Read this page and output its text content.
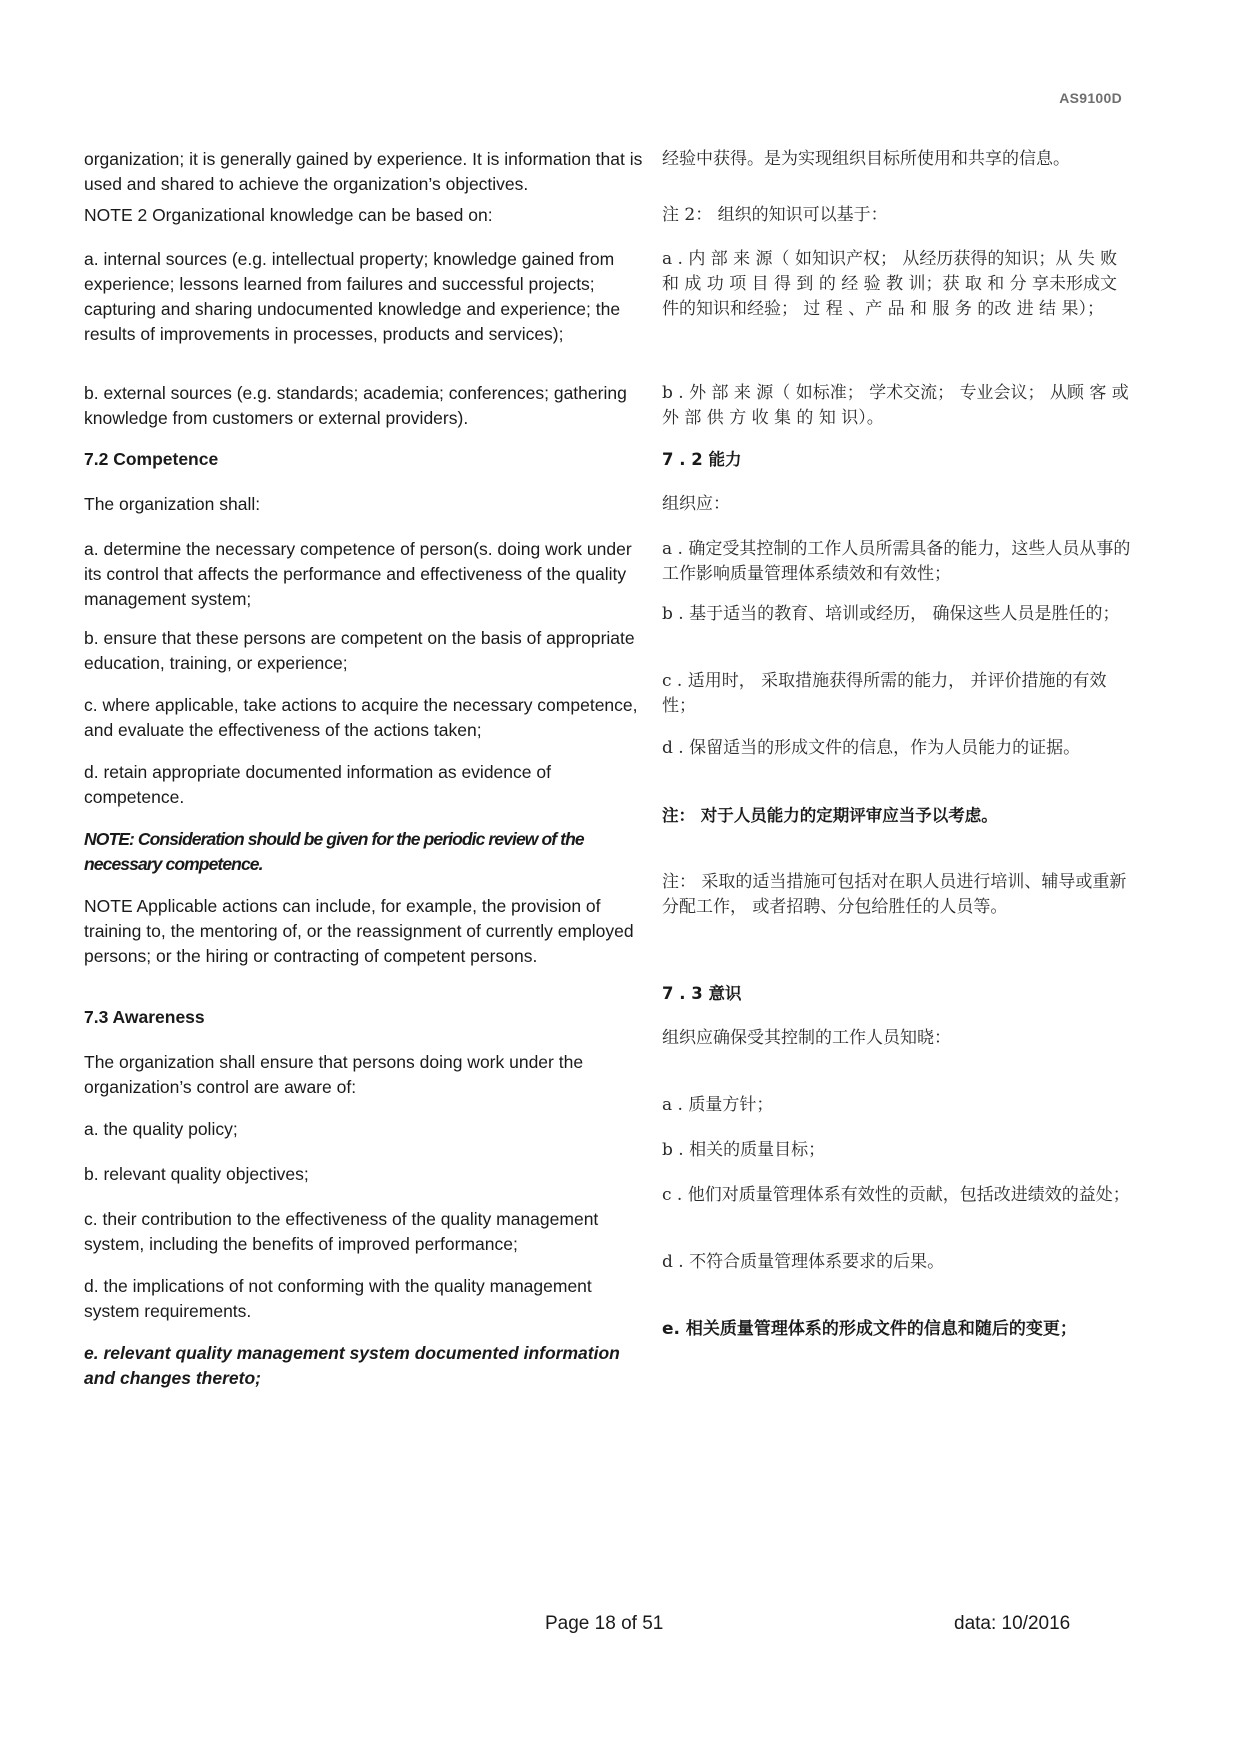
AS9100D

organization; it is generally gained by experience. It is information that is used and shared to achieve the organization’s objectives.

NOTE 2 Organizational knowledge can be based on:

a. internal sources (e.g. intellectual property; knowledge gained from experience; lessons learned from failures and successful projects; capturing and sharing undocumented knowledge and experience; the results of improvements in processes, products and services);

b. external sources (e.g. standards; academia; conferences; gathering knowledge from customers or external providers).

7.2 Competence

The organization shall:

a. determine the necessary competence of person(s. doing work under its control that affects the performance and effectiveness of the quality management system;

b. ensure that these persons are competent on the basis of appropriate education, training, or experience;

c. where applicable, take actions to acquire the necessary competence, and evaluate the effectiveness of the actions taken;

d. retain appropriate documented information as evidence of competence.

NOTE: Consideration should be given for the periodic review of the necessary competence.

NOTE Applicable actions can include, for example, the provision of training to, the mentoring of, or the reassignment of currently employed persons; or the hiring or contracting of competent persons.

7.3 Awareness

The organization shall ensure that persons doing work under the organization’s control are aware of:

a. the quality policy;

b. relevant quality objectives;

c. their contribution to the effectiveness of the quality management system, including the benefits of improved performance;

d. the implications of not conforming with the quality management system requirements.

e. relevant quality management system documented information and changes thereto;

经验中获得。是为实现组织目标所使用和共享的信息。

注 2： 组织的知识可以基于：

a . 内 部 来 源（ 如知识产权； 从经历获得的知识；从 失 败 和 成 功 项 目 得 到 的 经 验 教 训；获 取 和 分 享未形成文件的知识和经验； 过 程 、产 品 和 服 务 的改 进 结 果）；

b . 外 部 来 源（ 如标准； 学术交流； 专业会议； 从顾 客 或 外 部 供 方 收 集 的 知 识）。

7 . 2 能力

组织应：

a . 确定受其控制的工作人员所需具备的能力，这些人员从事的工作影响质量管理体系绩效和有效性；

b . 基于适当的教育、培训或经历， 确保这些人员是胜任的；

c . 适用时， 采取措施获得所需的能力， 并评价措施的有效性；

d . 保留适当的形成文件的信息，作为人员能力的证据。

注： 对于人员能力的定期评审应当予以考虑。

注： 采取的适当措施可包括对在职人员进行培训、辅导或重新分配工作， 或者招聘、分包给胜任的人员等。

7 . 3 意识

组织应确保受其控制的工作人员知晓：

a . 质量方针；

b . 相关的质量目标；

c . 他们对质量管理体系有效性的贡献，包括改进绩效的益处；

d . 不符合质量管理体系要求的后果。

e. 相关质量管理体系的形成文件的信息和随后的变更；

Page 18 of 51	data: 10/2016
